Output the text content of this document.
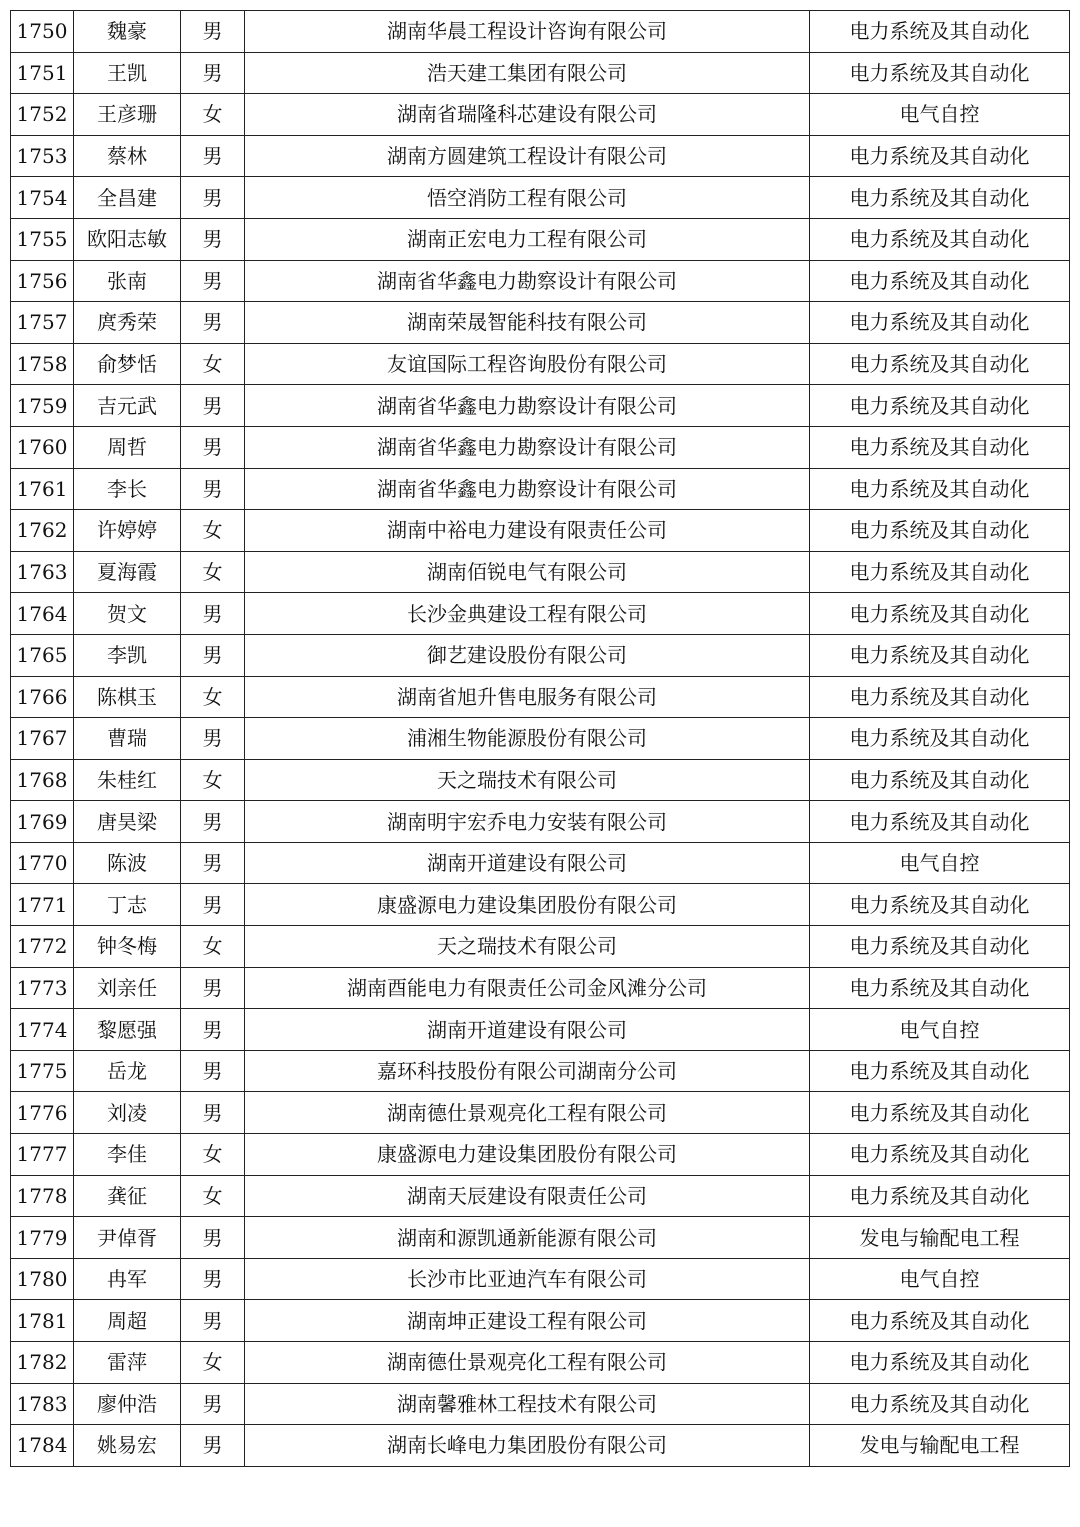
1750	魏豪	男	湖南华晨工程设计咨询有限公司	电力系统及其自动化
1751	王凯	男	浩天建工集团有限公司	电力系统及其自动化
1752	王彦珊	女	湖南省瑞隆科芯建设有限公司	电气自控
1753	蔡林	男	湖南方圆建筑工程设计有限公司	电力系统及其自动化
1754	全昌建	男	悟空消防工程有限公司	电力系统及其自动化
1755	欧阳志敏	男	湖南正宏电力工程有限公司	电力系统及其自动化
1756	张南	男	湖南省华鑫电力勘察设计有限公司	电力系统及其自动化
1757	庹秀荣	男	湖南荣晟智能科技有限公司	电力系统及其自动化
1758	俞梦恬	女	友谊国际工程咨询股份有限公司	电力系统及其自动化
1759	吉元武	男	湖南省华鑫电力勘察设计有限公司	电力系统及其自动化
1760	周哲	男	湖南省华鑫电力勘察设计有限公司	电力系统及其自动化
1761	李长	男	湖南省华鑫电力勘察设计有限公司	电力系统及其自动化
1762	许婷婷	女	湖南中裕电力建设有限责任公司	电力系统及其自动化
1763	夏海霞	女	湖南佰锐电气有限公司	电力系统及其自动化
1764	贺文	男	长沙金典建设工程有限公司	电力系统及其自动化
1765	李凯	男	御艺建设股份有限公司	电力系统及其自动化
1766	陈棋玉	女	湖南省旭升售电服务有限公司	电力系统及其自动化
1767	曹瑞	男	浦湘生物能源股份有限公司	电力系统及其自动化
1768	朱桂红	女	天之瑞技术有限公司	电力系统及其自动化
1769	唐昊梁	男	湖南明宇宏乔电力安装有限公司	电力系统及其自动化
1770	陈波	男	湖南开道建设有限公司	电气自控
1771	丁志	男	康盛源电力建设集团股份有限公司	电力系统及其自动化
1772	钟冬梅	女	天之瑞技术有限公司	电力系统及其自动化
1773	刘亲任	男	湖南酉能电力有限责任公司金风滩分公司	电力系统及其自动化
1774	黎愿强	男	湖南开道建设有限公司	电气自控
1775	岳龙	男	嘉环科技股份有限公司湖南分公司	电力系统及其自动化
1776	刘凌	男	湖南德仕景观亮化工程有限公司	电力系统及其自动化
1777	李佳	女	康盛源电力建设集团股份有限公司	电力系统及其自动化
1778	龚征	女	湖南天辰建设有限责任公司	电力系统及其自动化
1779	尹倬胥	男	湖南和源凯通新能源有限公司	发电与输配电工程
1780	冉军	男	长沙市比亚迪汽车有限公司	电气自控
1781	周超	男	湖南坤正建设工程有限公司	电力系统及其自动化
1782	雷萍	女	湖南德仕景观亮化工程有限公司	电力系统及其自动化
1783	廖仲浩	男	湖南馨雅林工程技术有限公司	电力系统及其自动化
1784	姚易宏	男	湖南长峰电力集团股份有限公司	发电与输配电工程
